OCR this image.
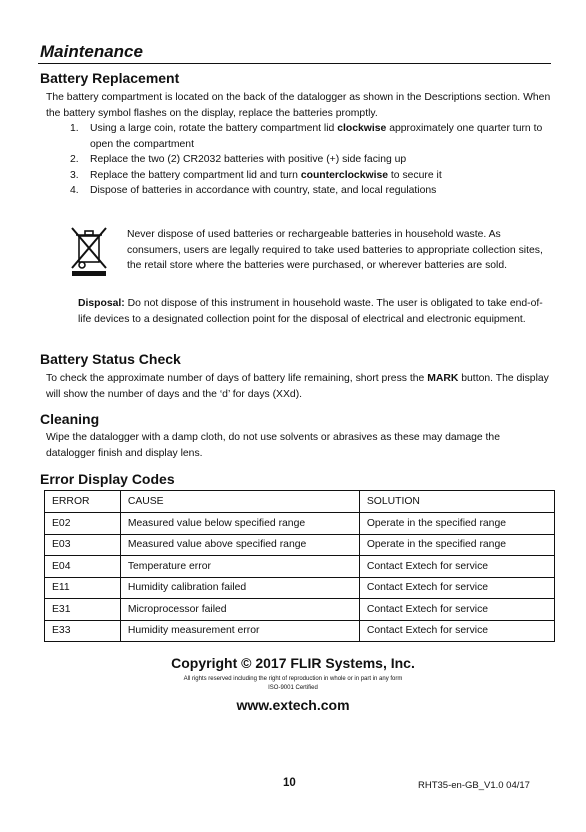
Maintenance
Battery Replacement
The battery compartment is located on the back of the datalogger as shown in the Descriptions section. When the battery symbol flashes on the display, replace the batteries promptly.
1.	Using a large coin, rotate the battery compartment lid clockwise approximately one quarter turn to open the compartment
2.	Replace the two (2) CR2032 batteries with positive (+) side facing up
3.	Replace the battery compartment lid and turn counterclockwise to secure it
4.	Dispose of batteries in accordance with country, state, and local regulations
Never dispose of used batteries or rechargeable batteries in household waste. As consumers, users are legally required to take used batteries to appropriate collection sites, the retail store where the batteries were purchased, or wherever batteries are sold.
Disposal: Do not dispose of this instrument in household waste. The user is obligated to take end-of-life devices to a designated collection point for the disposal of electrical and electronic equipment.
Battery Status Check
To check the approximate number of days of battery life remaining, short press the MARK button. The display will show the number of days and the ‘d’ for days (XXd).
Cleaning
Wipe the datalogger with a damp cloth, do not use solvents or abrasives as these may damage the datalogger finish and display lens.
Error Display Codes
ERROR	CAUSE	SOLUTION
E02	Measured value below specified range	Operate in the specified range
E03	Measured value above specified range	Operate in the specified range
E04	Temperature error	Contact Extech for service
E11	Humidity calibration failed	Contact Extech for service
E31	Microprocessor failed	Contact Extech for service
E33	Humidity measurement error	Contact Extech for service
Copyright © 2017 FLIR Systems, Inc.
All rights reserved including the right of reproduction in whole or in part in any form
ISO-9001 Certified
www.extech.com
10	RHT35-en-GB_V1.0 04/17
